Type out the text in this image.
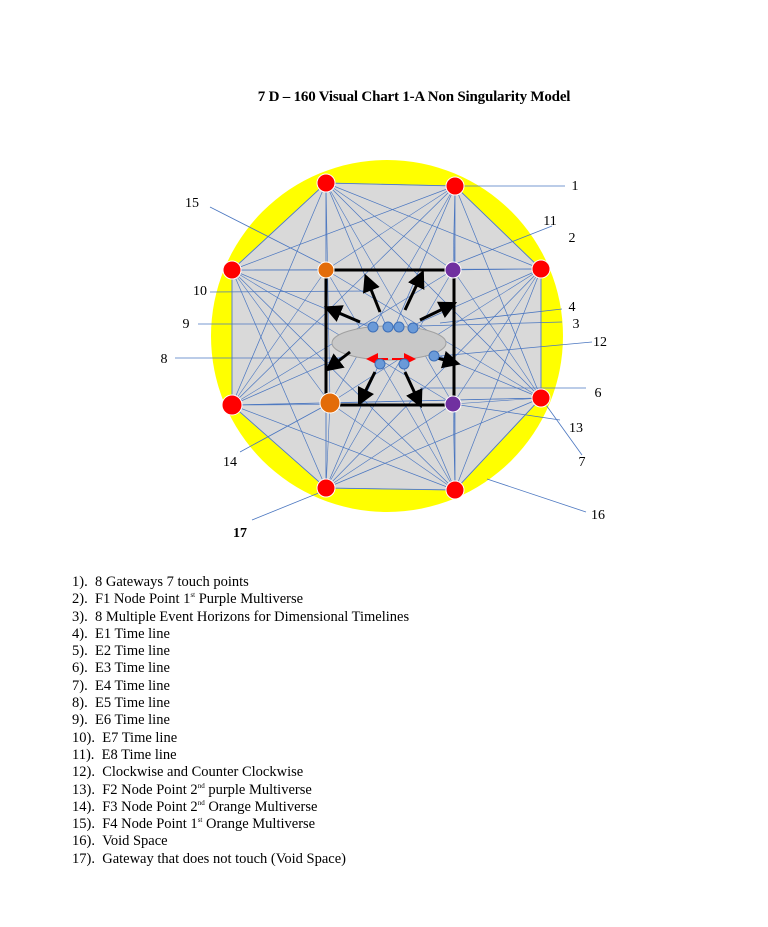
7 D – 160 Visual Chart 1-A Non Singularity Model
1
2
3
4
6
7
8
9
10
11
12
13
14
15
16
17
1). 8 Gateways 7 touch points
2). F1 Node Point 1st Purple Multiverse
3). 8 Multiple Event Horizons for Dimensional Timelines
4). E1 Time line
5). E2 Time line
6). E3 Time line
7). E4 Time line
8). E5 Time line
9). E6 Time line
10). E7 Time line
11). E8 Time line
12). Clockwise and Counter Clockwise
13). F2 Node Point 2nd purple Multiverse
14). F3 Node Point 2nd Orange Multiverse
15). F4 Node Point 1st Orange Multiverse
16). Void Space
17). Gateway that does not touch (Void Space)
